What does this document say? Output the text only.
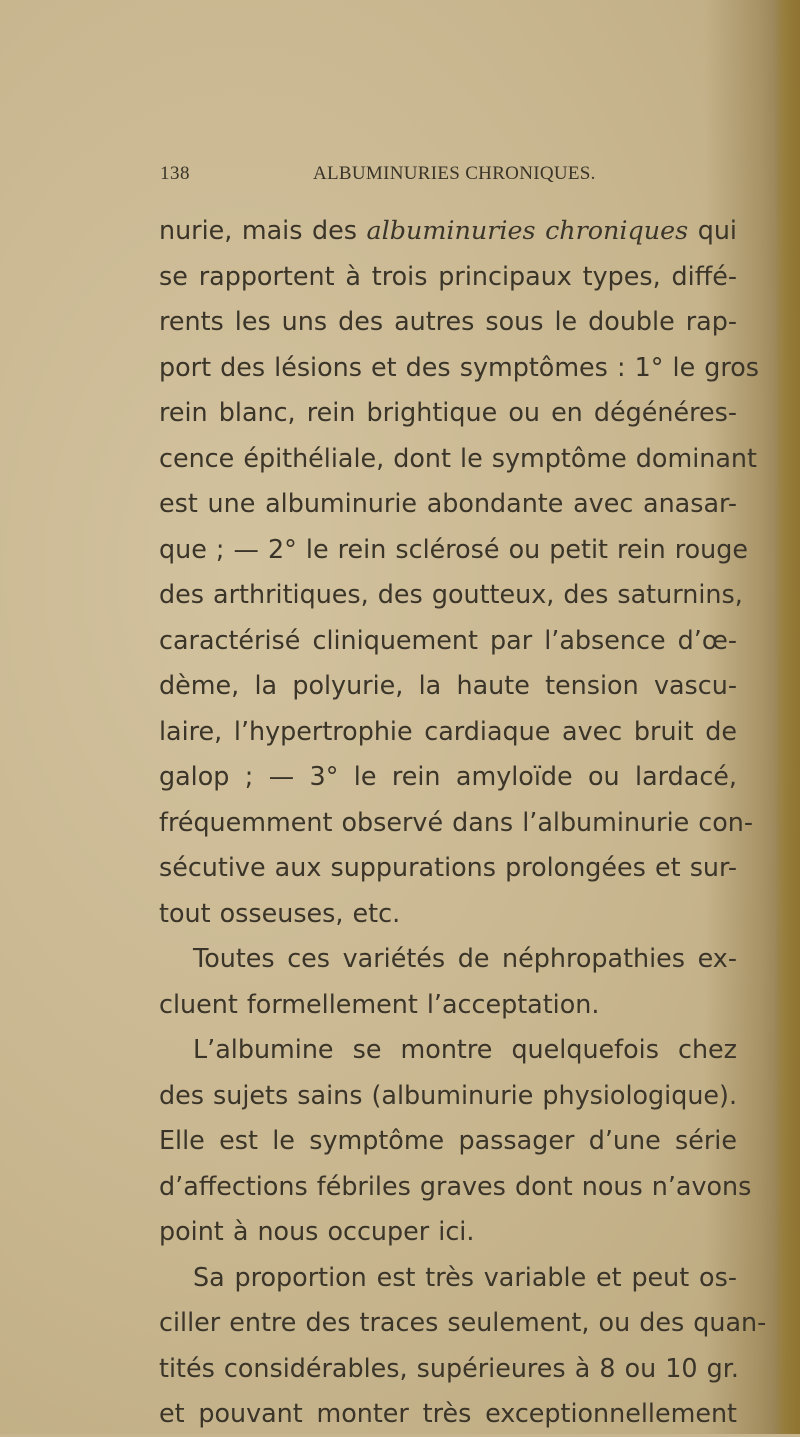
138	ALBUMINURIES CHRONIQUES.
nurie, mais des albuminuries chroniques qui
se rapportent à trois principaux types, diffé-
rents les uns des autres sous le double rap-
port des lésions et des symptômes : 1° le gros
rein blanc, rein brightique ou en dégénéres-
cence épithéliale, dont le symptôme dominant
est une albuminurie abondante avec anasar-
que ; — 2° le rein sclérosé ou petit rein rouge
des arthritiques, des goutteux, des saturnins,
caractérisé cliniquement par l’absence d’œ-
dème, la polyurie, la haute tension vascu-
laire, l’hypertrophie cardiaque avec bruit de
galop ; — 3° le rein amyloïde ou lardacé,
fréquemment observé dans l’albuminurie con-
sécutive aux suppurations prolongées et sur-
tout osseuses, etc.
Toutes ces variétés de néphropathies ex-
cluent formellement l’acceptation.
L’albumine se montre quelquefois chez
des sujets sains (albuminurie physiologique).
Elle est le symptôme passager d’une série
d’affections fébriles graves dont nous n’avons
point à nous occuper ici.
Sa proportion est très variable et peut os-
ciller entre des traces seulement, ou des quan-
tités considérables, supérieures à 8 ou 10 gr.
et pouvant monter très exceptionnellement
